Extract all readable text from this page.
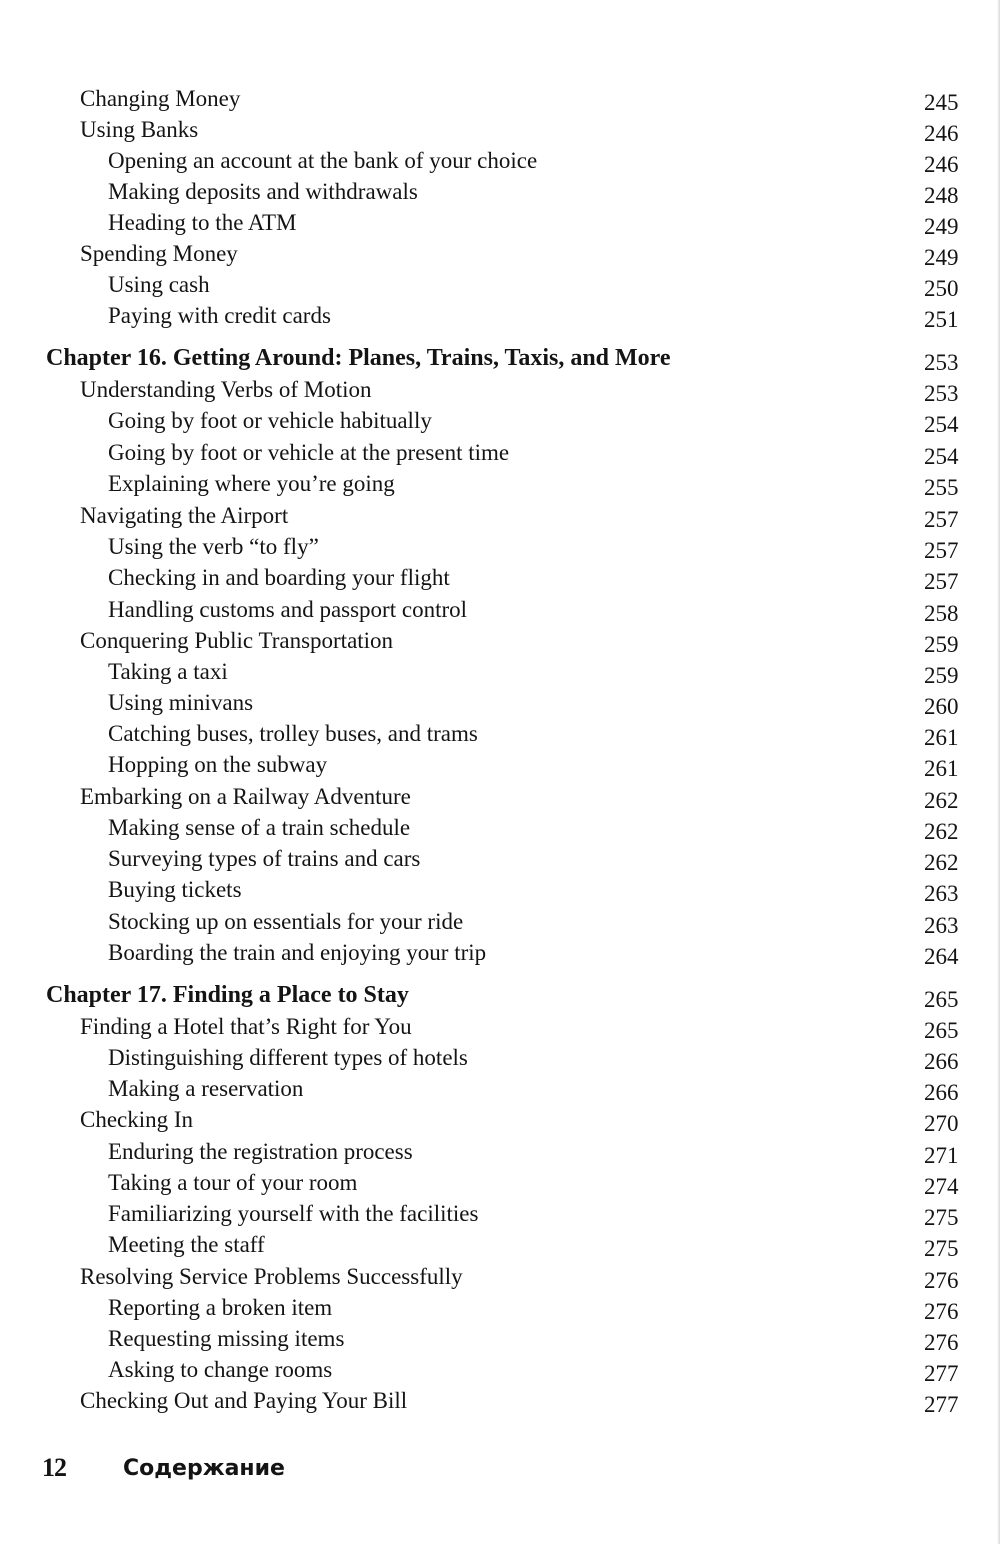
Changing Money	245
Using Banks	246
Opening an account at the bank of your choice	246
Making deposits and withdrawals	248
Heading to the ATM	249
Spending Money	249
Using cash	250
Paying with credit cards	251
Chapter 16. Getting Around: Planes, Trains, Taxis, and More	253
Understanding Verbs of Motion	253
Going by foot or vehicle habitually	254
Going by foot or vehicle at the present time	254
Explaining where you’re going	255
Navigating the Airport	257
Using the verb “to fly”	257
Checking in and boarding your flight	257
Handling customs and passport control	258
Conquering Public Transportation	259
Taking a taxi	259
Using minivans	260
Catching buses, trolley buses, and trams	261
Hopping on the subway	261
Embarking on a Railway Adventure	262
Making sense of a train schedule	262
Surveying types of trains and cars	262
Buying tickets	263
Stocking up on essentials for your ride	263
Boarding the train and enjoying your trip	264
Chapter 17. Finding a Place to Stay	265
Finding a Hotel that’s Right for You	265
Distinguishing different types of hotels	266
Making a reservation	266
Checking In	270
Enduring the registration process	271
Taking a tour of your room	274
Familiarizing yourself with the facilities	275
Meeting the staff	275
Resolving Service Problems Successfully	276
Reporting a broken item	276
Requesting missing items	276
Asking to change rooms	277
Checking Out and Paying Your Bill	277
12	Содержание
